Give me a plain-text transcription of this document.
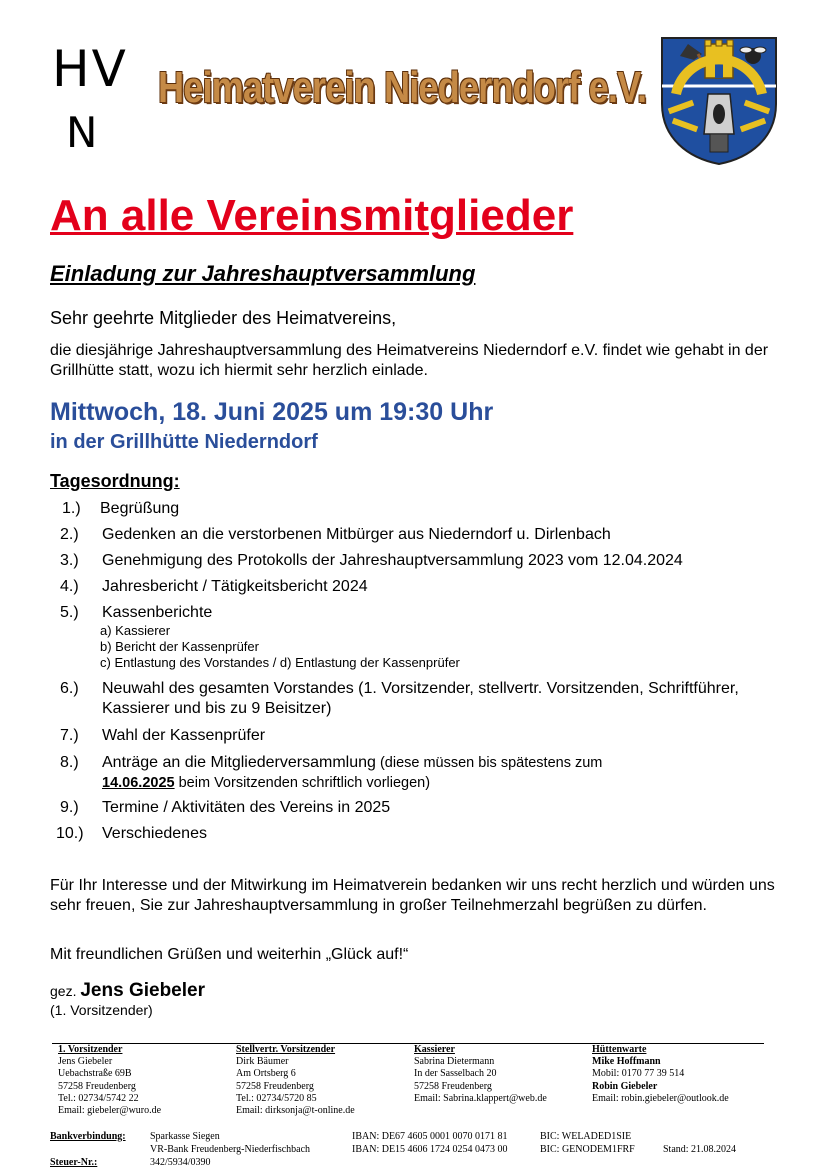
HV
N
Heimatverein Niederndorf e.V.
An alle Vereinsmitglieder
Einladung zur Jahreshauptversammlung
Sehr geehrte Mitglieder des Heimatvereins,
die diesjährige Jahreshauptversammlung des Heimatvereins Niederndorf e.V. findet wie gehabt in der Grillhütte statt, wozu ich hiermit sehr herzlich einlade.
Mittwoch, 18. Juni 2025 um 19:30 Uhr
in der Grillhütte Niederndorf
Tagesordnung:
1.)	Begrüßung
2.)	Gedenken an die verstorbenen Mitbürger aus Niederndorf u. Dirlenbach
3.)	Genehmigung des Protokolls der Jahreshauptversammlung 2023 vom 12.04.2024
4.)	Jahresbericht / Tätigkeitsbericht 2024
5.)	Kassenberichte
a) Kassierer
b) Bericht der Kassenprüfer
c) Entlastung des Vorstandes / d) Entlastung der Kassenprüfer
6.)	Neuwahl des gesamten Vorstandes (1. Vorsitzender, stellvertr. Vorsitzenden, Schriftführer,
Kassierer und bis zu 9 Beisitzer)
7.)	Wahl der Kassenprüfer
8.)	Anträge an die Mitgliederversammlung (diese müssen bis spätestens zum
14.06.2025 beim Vorsitzenden schriftlich vorliegen)
9.)	Termine / Aktivitäten des Vereins in 2025
10.)	Verschiedenes
Für Ihr Interesse und der Mitwirkung im Heimatverein bedanken wir uns recht herzlich und würden uns sehr freuen, Sie zur Jahreshauptversammlung in großer Teilnehmerzahl begrüßen zu dürfen.
Mit freundlichen Grüßen und weiterhin „Glück auf!“
gez. Jens Giebeler
(1. Vorsitzender)
1. Vorsitzender
Jens Giebeler
Uebachstraße 69B
57258 Freudenberg
Tel.: 02734/5742 22
Email: giebeler@wuro.de
Stellvertr. Vorsitzender
Dirk Bäumer
Am Ortsberg 6
57258 Freudenberg
Tel.: 02734/5720 85
Email: dirksonja@t-online.de
Kassierer
Sabrina Dietermann
In der Sasselbach 20
57258 Freudenberg
Email: Sabrina.klappert@web.de
Hüttenwarte
Mike Hoffmann
Mobil: 0170 77 39 514
Robin Giebeler
Email: robin.giebeler@outlook.de
Bankverbindung: Sparkasse Siegen	IBAN: DE67 4605 0001 0070 0171 81	BIC: WELADED1SIE
VR-Bank Freudenberg-Niederfischbach	IBAN: DE15 4606 1724 0254 0473 00	BIC: GENODEM1FRF	Stand: 21.08.2024
Steuer-Nr.:	342/5934/0390
